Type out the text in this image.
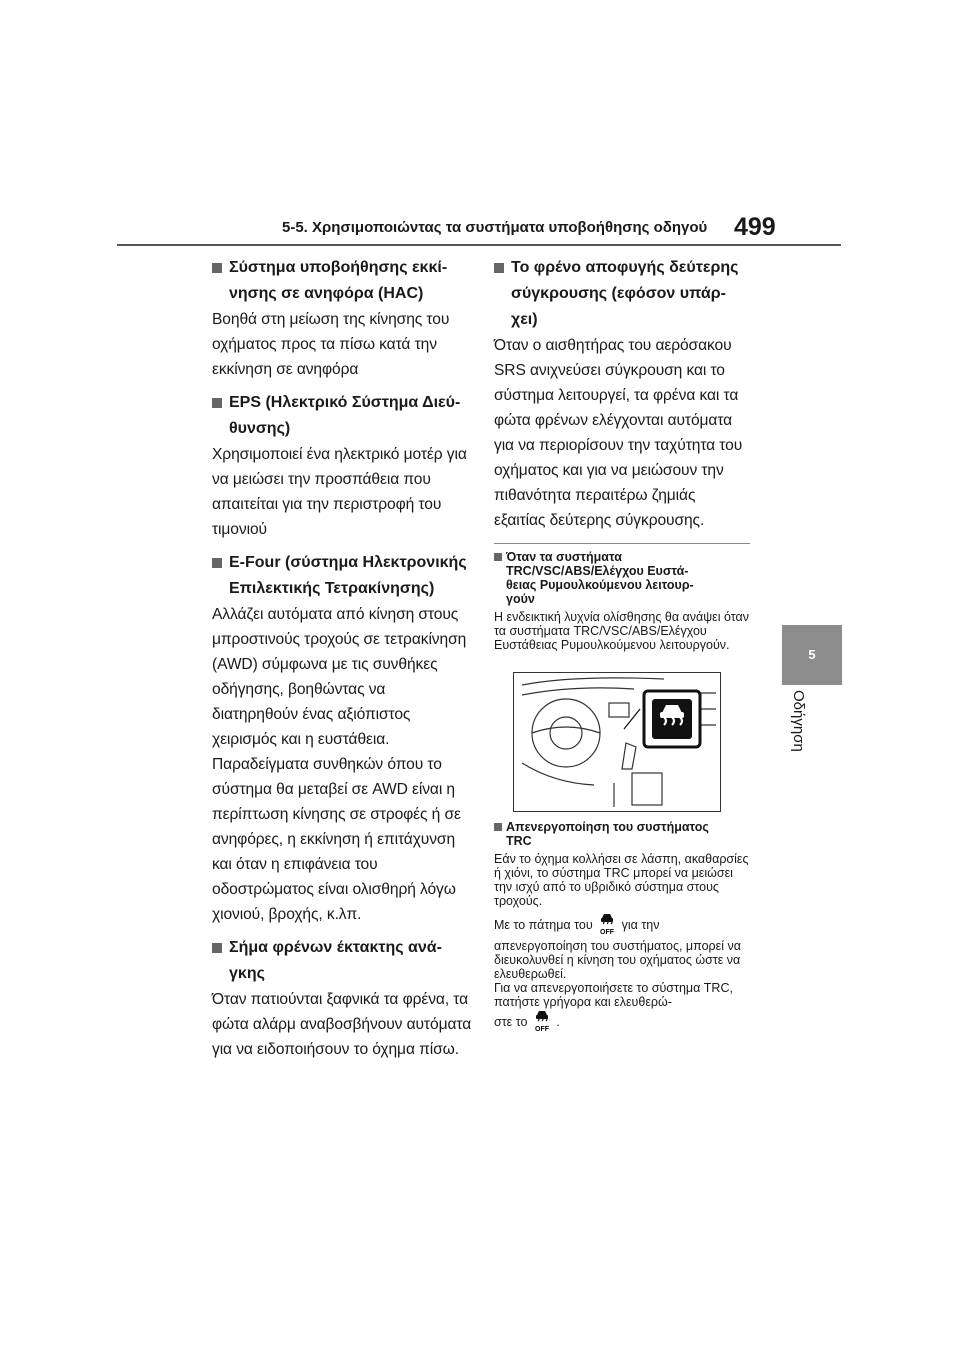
5-5. Χρησιμοποιώντας τα συστήματα υποβοήθησης οδηγού 499
5
Οδήγηση
Σύστημα υποβοήθησης εκκί-
νησης σε ανηφόρα (HAC)
Βοηθά στη μείωση της κίνησης του οχήματος προς τα πίσω κατά την εκκίνηση σε ανηφόρα
EPS (Ηλεκτρικό Σύστημα Διεύ-
θυνσης)
Χρησιμοποιεί ένα ηλεκτρικό μοτέρ για να μειώσει την προσπάθεια που απαιτείται για την περιστροφή του τιμονιού
E-Four (σύστημα Ηλεκτρονικής
Επιλεκτικής Τετρακίνησης)
Αλλάζει αυτόματα από κίνηση στους μπροστινούς τροχούς σε τετρακίνηση (AWD) σύμφωνα με τις συνθήκες οδήγησης, βοηθώντας να διατηρηθούν ένας αξιόπιστος χειρισμός και η ευστάθεια. Παραδείγματα συνθηκών όπου το σύστημα θα μεταβεί σε AWD είναι η περίπτωση κίνησης σε στροφές ή σε ανηφόρες, η εκκίνηση ή επιτάχυνση και όταν η επιφάνεια του οδοστρώματος είναι ολισθηρή λόγω χιονιού, βροχής, κ.λπ.
Σήμα φρένων έκτακτης ανά-
γκης
Όταν πατιούνται ξαφνικά τα φρένα, τα φώτα αλάρμ αναβοσβήνουν αυτόματα για να ειδοποιήσουν το όχημα πίσω.
Το φρένο αποφυγής δεύτερης
σύγκρουσης (εφόσον υπάρ-
χει)
Όταν ο αισθητήρας του αερόσακου SRS ανιχνεύσει σύγκρουση και το σύστημα λειτουργεί, τα φρένα και τα φώτα φρένων ελέγχονται αυτόματα για να περιορίσουν την ταχύτητα του οχήματος και για να μειώσουν την πιθανότητα περαιτέρω ζημιάς εξαιτίας δεύτερης σύγκρουσης.
Όταν τα συστήματα
TRC/VSC/ABS/Ελέγχου Ευστά-
θειας Ρυμουλκούμενου λειτουρ-
γούν
Η ενδεικτική λυχνία ολίσθησης θα ανάψει όταν τα συστήματα TRC/VSC/ABS/Ελέγχου Ευστάθειας Ρυμουλκούμενου λειτουργούν.
Απενεργοποίηση του συστήματος
TRC
Εάν το όχημα κολλήσει σε λάσπη, ακαθαρσίες ή χιόνι, το σύστημα TRC μπορεί να μειώσει την ισχύ από το υβριδικό σύστημα στους τροχούς.
Με το πάτημα του
OFF
για την απενεργοποίηση του συστήματος, μπορεί να διευκολυνθεί η κίνηση του οχήματος ώστε να ελευθερωθεί.
Για να απενεργοποιήσετε το σύστημα TRC, πατήστε γρήγορα και ελευθερώ-
στε το
OFF
.
